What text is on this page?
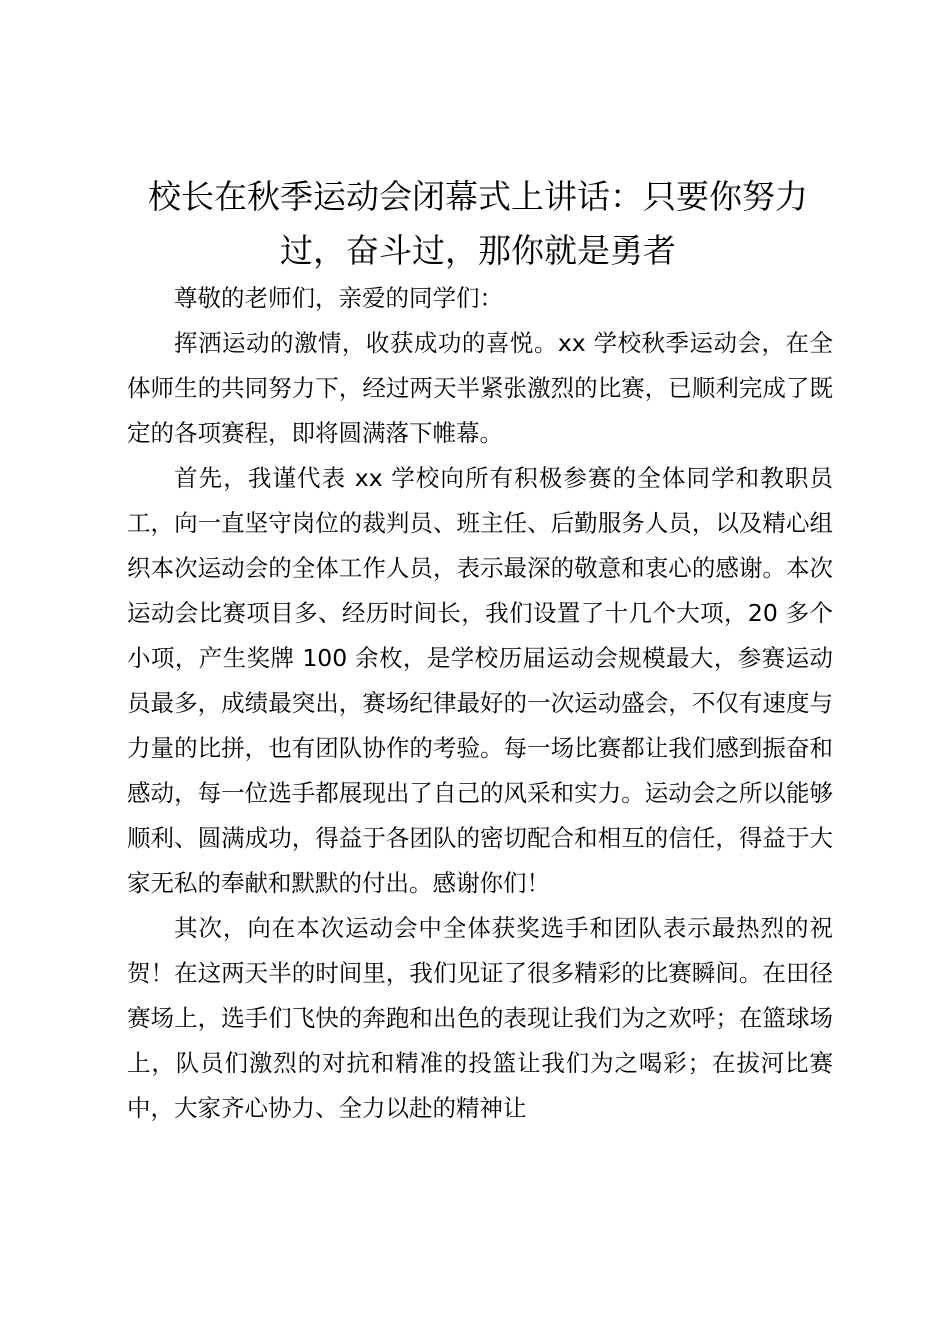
校长在秋季运动会闭幕式上讲话：只要你努力过，奋斗过，那你就是勇者

尊敬的老师们，亲爱的同学们：

挥洒运动的激情，收获成功的喜悦。xx 学校秋季运动会，在全体师生的共同努力下，经过两天半紧张激烈的比赛，已顺利完成了既定的各项赛程，即将圆满落下帷幕。

首先，我谨代表 xx 学校向所有积极参赛的全体同学和教职员工，向一直坚守岗位的裁判员、班主任、后勤服务人员，以及精心组织本次运动会的全体工作人员，表示最深的敬意和衷心的感谢。本次运动会比赛项目多、经历时间长，我们设置了十几个大项，20 多个小项，产生奖牌 100 余枚，是学校历届运动会规模最大，参赛运动员最多，成绩最突出，赛场纪律最好的一次运动盛会，不仅有速度与力量的比拼，也有团队协作的考验。每一场比赛都让我们感到振奋和感动，每一位选手都展现出了自己的风采和实力。运动会之所以能够顺利、圆满成功，得益于各团队的密切配合和相互的信任，得益于大家无私的奉献和默默的付出。感谢你们！

其次，向在本次运动会中全体获奖选手和团队表示最热烈的祝贺！在这两天半的时间里，我们见证了很多精彩的比赛瞬间。在田径赛场上，选手们飞快的奔跑和出色的表现让我们为之欢呼；在篮球场上，队员们激烈的对抗和精准的投篮让我们为之喝彩；在拔河比赛中，大家齐心协力、全力以赴的精神让
